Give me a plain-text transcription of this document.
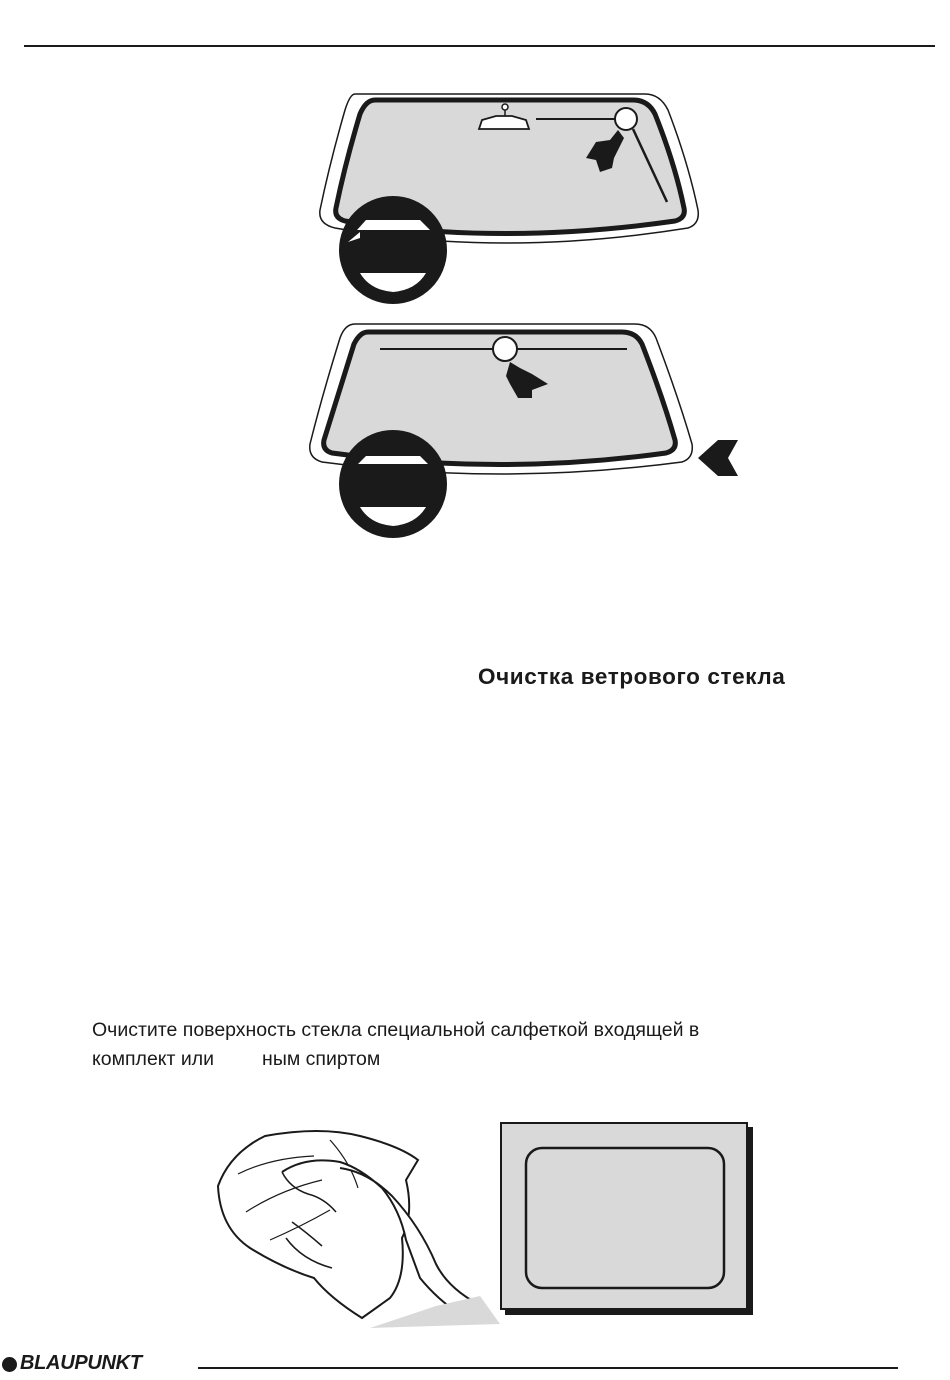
Очистка ветрового стекла
Очистите поверхность стекла специальной салфеткой входящей в
комплект или ным спиртом
BLAUPUNKT
